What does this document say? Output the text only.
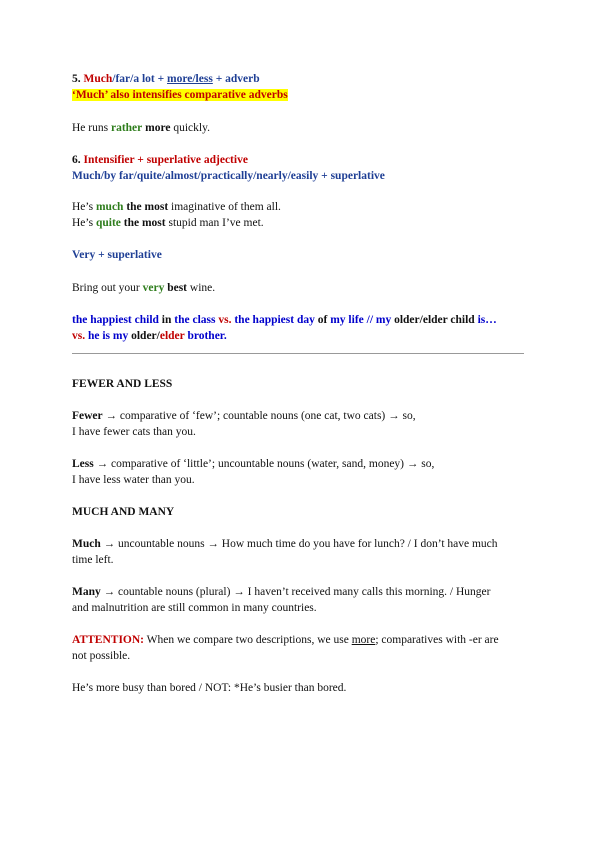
5. Much/far/a lot + more/less + adverb
‘Much’ also intensifies comparative adverbs
He runs rather more quickly.
6. Intensifier + superlative adjective
Much/by far/quite/almost/practically/nearly/easily + superlative
He’s much the most imaginative of them all.
He’s quite the most stupid man I’ve met.
Very + superlative
Bring out your very best wine.
the happiest child in the class vs. the happiest day of my life // my older/elder child is…
vs. he is my older/elder brother.
FEWER AND LESS
Fewer → comparative of ‘few’; countable nouns (one cat, two cats) → so,
I have fewer cats than you.
Less → comparative of ‘little’; uncountable nouns (water, sand, money) → so,
I have less water than you.
MUCH AND MANY
Much → uncountable nouns → How much time do you have for lunch? / I don’t have much
time left.
Many → countable nouns (plural) → I haven’t received many calls this morning. / Hunger
and malnutrition are still common in many countries.
ATTENTION: When we compare two descriptions, we use more; comparatives with -er are
not possible.
He’s more busy than bored / NOT: *He’s busier than bored.
